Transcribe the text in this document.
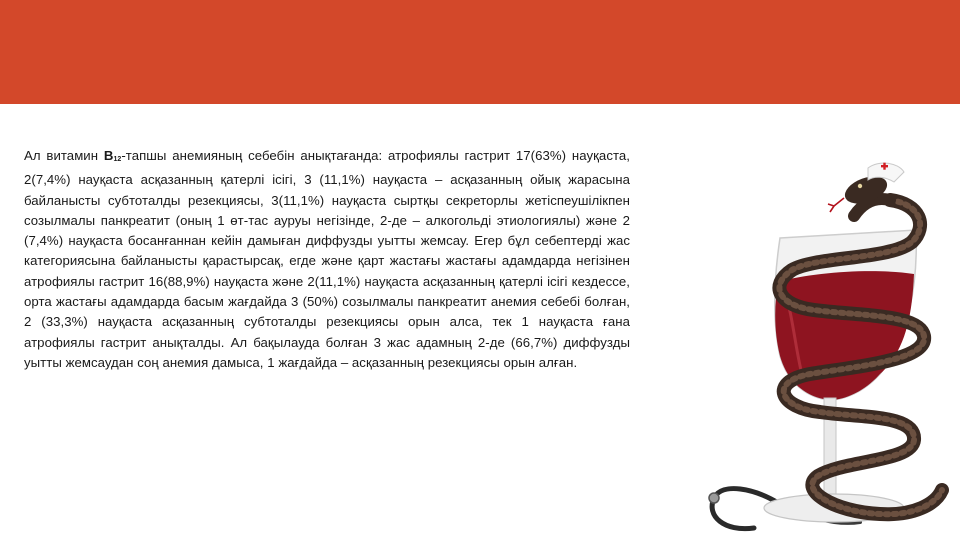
Ал витамин $B_{12}$-тапшы анемияның себебін анықтағанда: атрофиялы гастрит 17(63%) науқаста, 2(7,4%) науқаста асқазанның қатерлі ісігі, 3 (11,1%) науқаста – асқазанның ойық жарасына байланысты субтоталды резекциясы, 3(11,1%) науқаста сыртқы секреторлы жетіспеушілікпен созылмалы панкреатит (оның 1 өт-тас ауруы негізінде, 2-де – алкогольді этиологиялы) және 2 (7,4%) науқаста босанғаннан кейін дамыған диффузды уытты жемсау. Егер бұл себептерді жас категориясына байланысты қарастырсақ, егде және қарт жастағы жастағы адамдарда негізінен атрофиялы гастрит 16(88,9%) науқаста және 2(11,1%) науқаста асқазанның қатерлі ісігі кездессе, орта жастағы адамдарда басым жағдайда 3 (50%) созылмалы панкреатит анемия себебі болған, 2 (33,3%) науқаста асқазанның субтоталды резекциясы орын алса, тек 1 науқаста ғана атрофиялы гастрит анықталды. Ал бақылауда болған 3 жас адамның 2-де (66,7%) диффузды уытты жемсаудан соң анемия дамыса, 1 жағдайда – асқазанның резекциясы орын алған.
